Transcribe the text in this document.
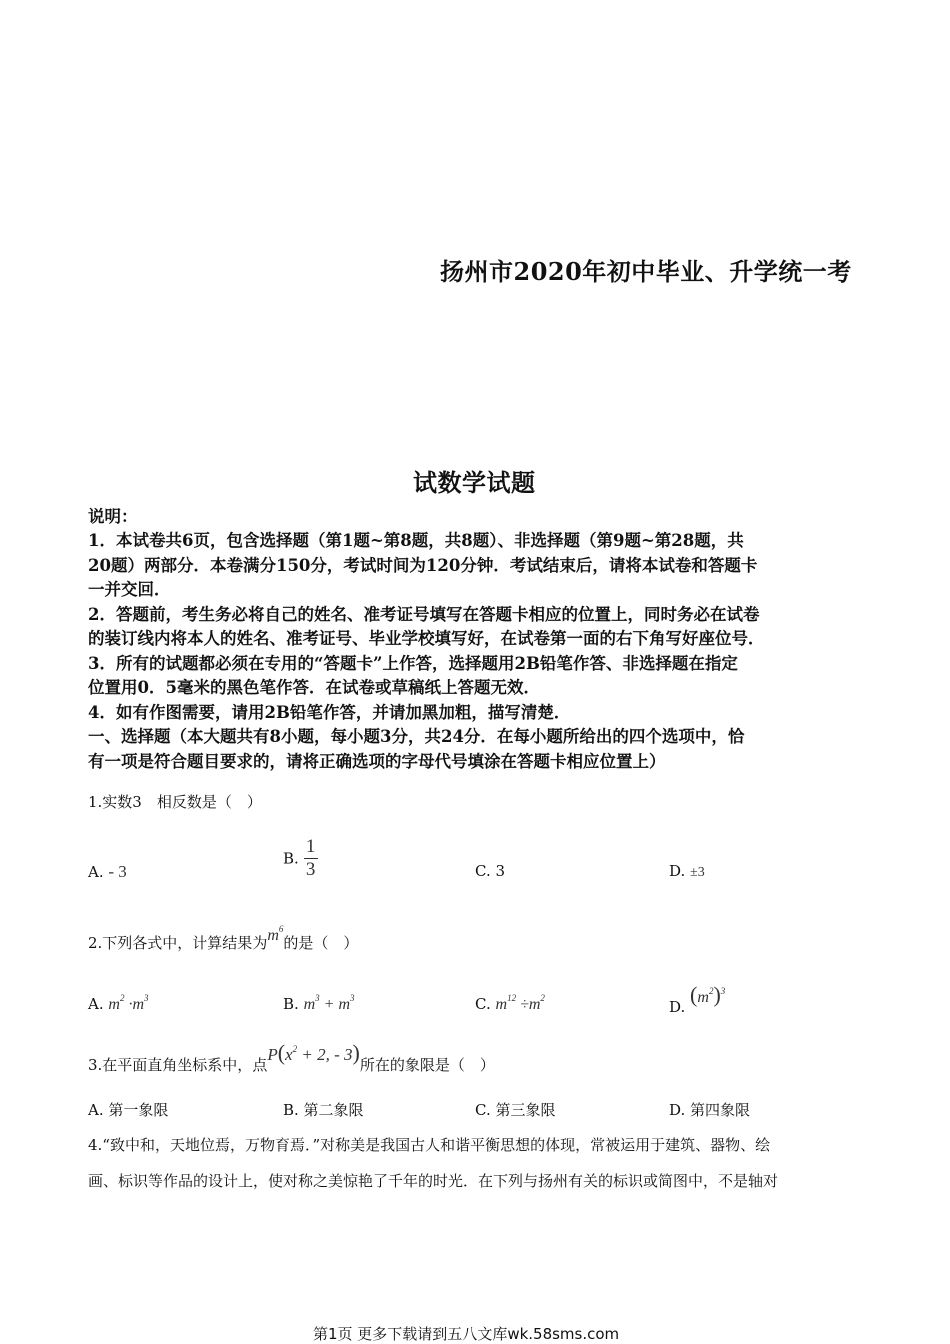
扬州市2020年初中毕业、升学统一考
试数学试题
说明：
1．本试卷共6页，包含选择题（第1题~第8题，共8题）、非选择题（第9题~第28题，共
20题）两部分．本卷满分150分，考试时间为120分钟．考试结束后，请将本试卷和答题卡
一并交回．
2．答题前，考生务必将自己的姓名、准考证号填写在答题卡相应的位置上，同时务必在试卷
的装订线内将本人的姓名、准考证号、毕业学校填写好，在试卷第一面的右下角写好座位号．
3．所有的试题都必须在专用的“答题卡”上作答，选择题用2B铅笔作答、非选择题在指定
位置用0．5毫米的黑色笔作答．在试卷或草稿纸上答题无效．
4．如有作图需要，请用2B铅笔作答，并请加黑加粗，描写清楚．
一、选择题（本大题共有8小题，每小题3分，共24分．在每小题所给出的四个选项中，恰
有一项是符合题目要求的，请将正确选项的字母代号填涂在答题卡相应位置上）
1.实数3　相反数是（　）
A. - 3
B. $\frac{1}{3}$	C. 3	D. ±3
2.下列各式中，计算结果为$m^6$的是（　）
A. $m^2 \cdot m^3$	B. $m^3 + m^3$	C. $m^{12} \div m^2$	D. $(m^2)^3$
3.在平面直角坐标系中，点$P(x^2 + 2$, - 3)所在的象限是（　）
A. 第一象限	B. 第二象限	C. 第三象限	D. 第四象限
4.“致中和，天地位焉，万物育焉．”对称美是我国古人和谐平衡思想的体现，常被运用于建筑、器物、绘
画、标识等作品的设计上，使对称之美惊艳了千年的时光．在下列与扬州有关的标识或简图中，不是轴对
第1页 更多下载请到五八文库wk.58sms.com
